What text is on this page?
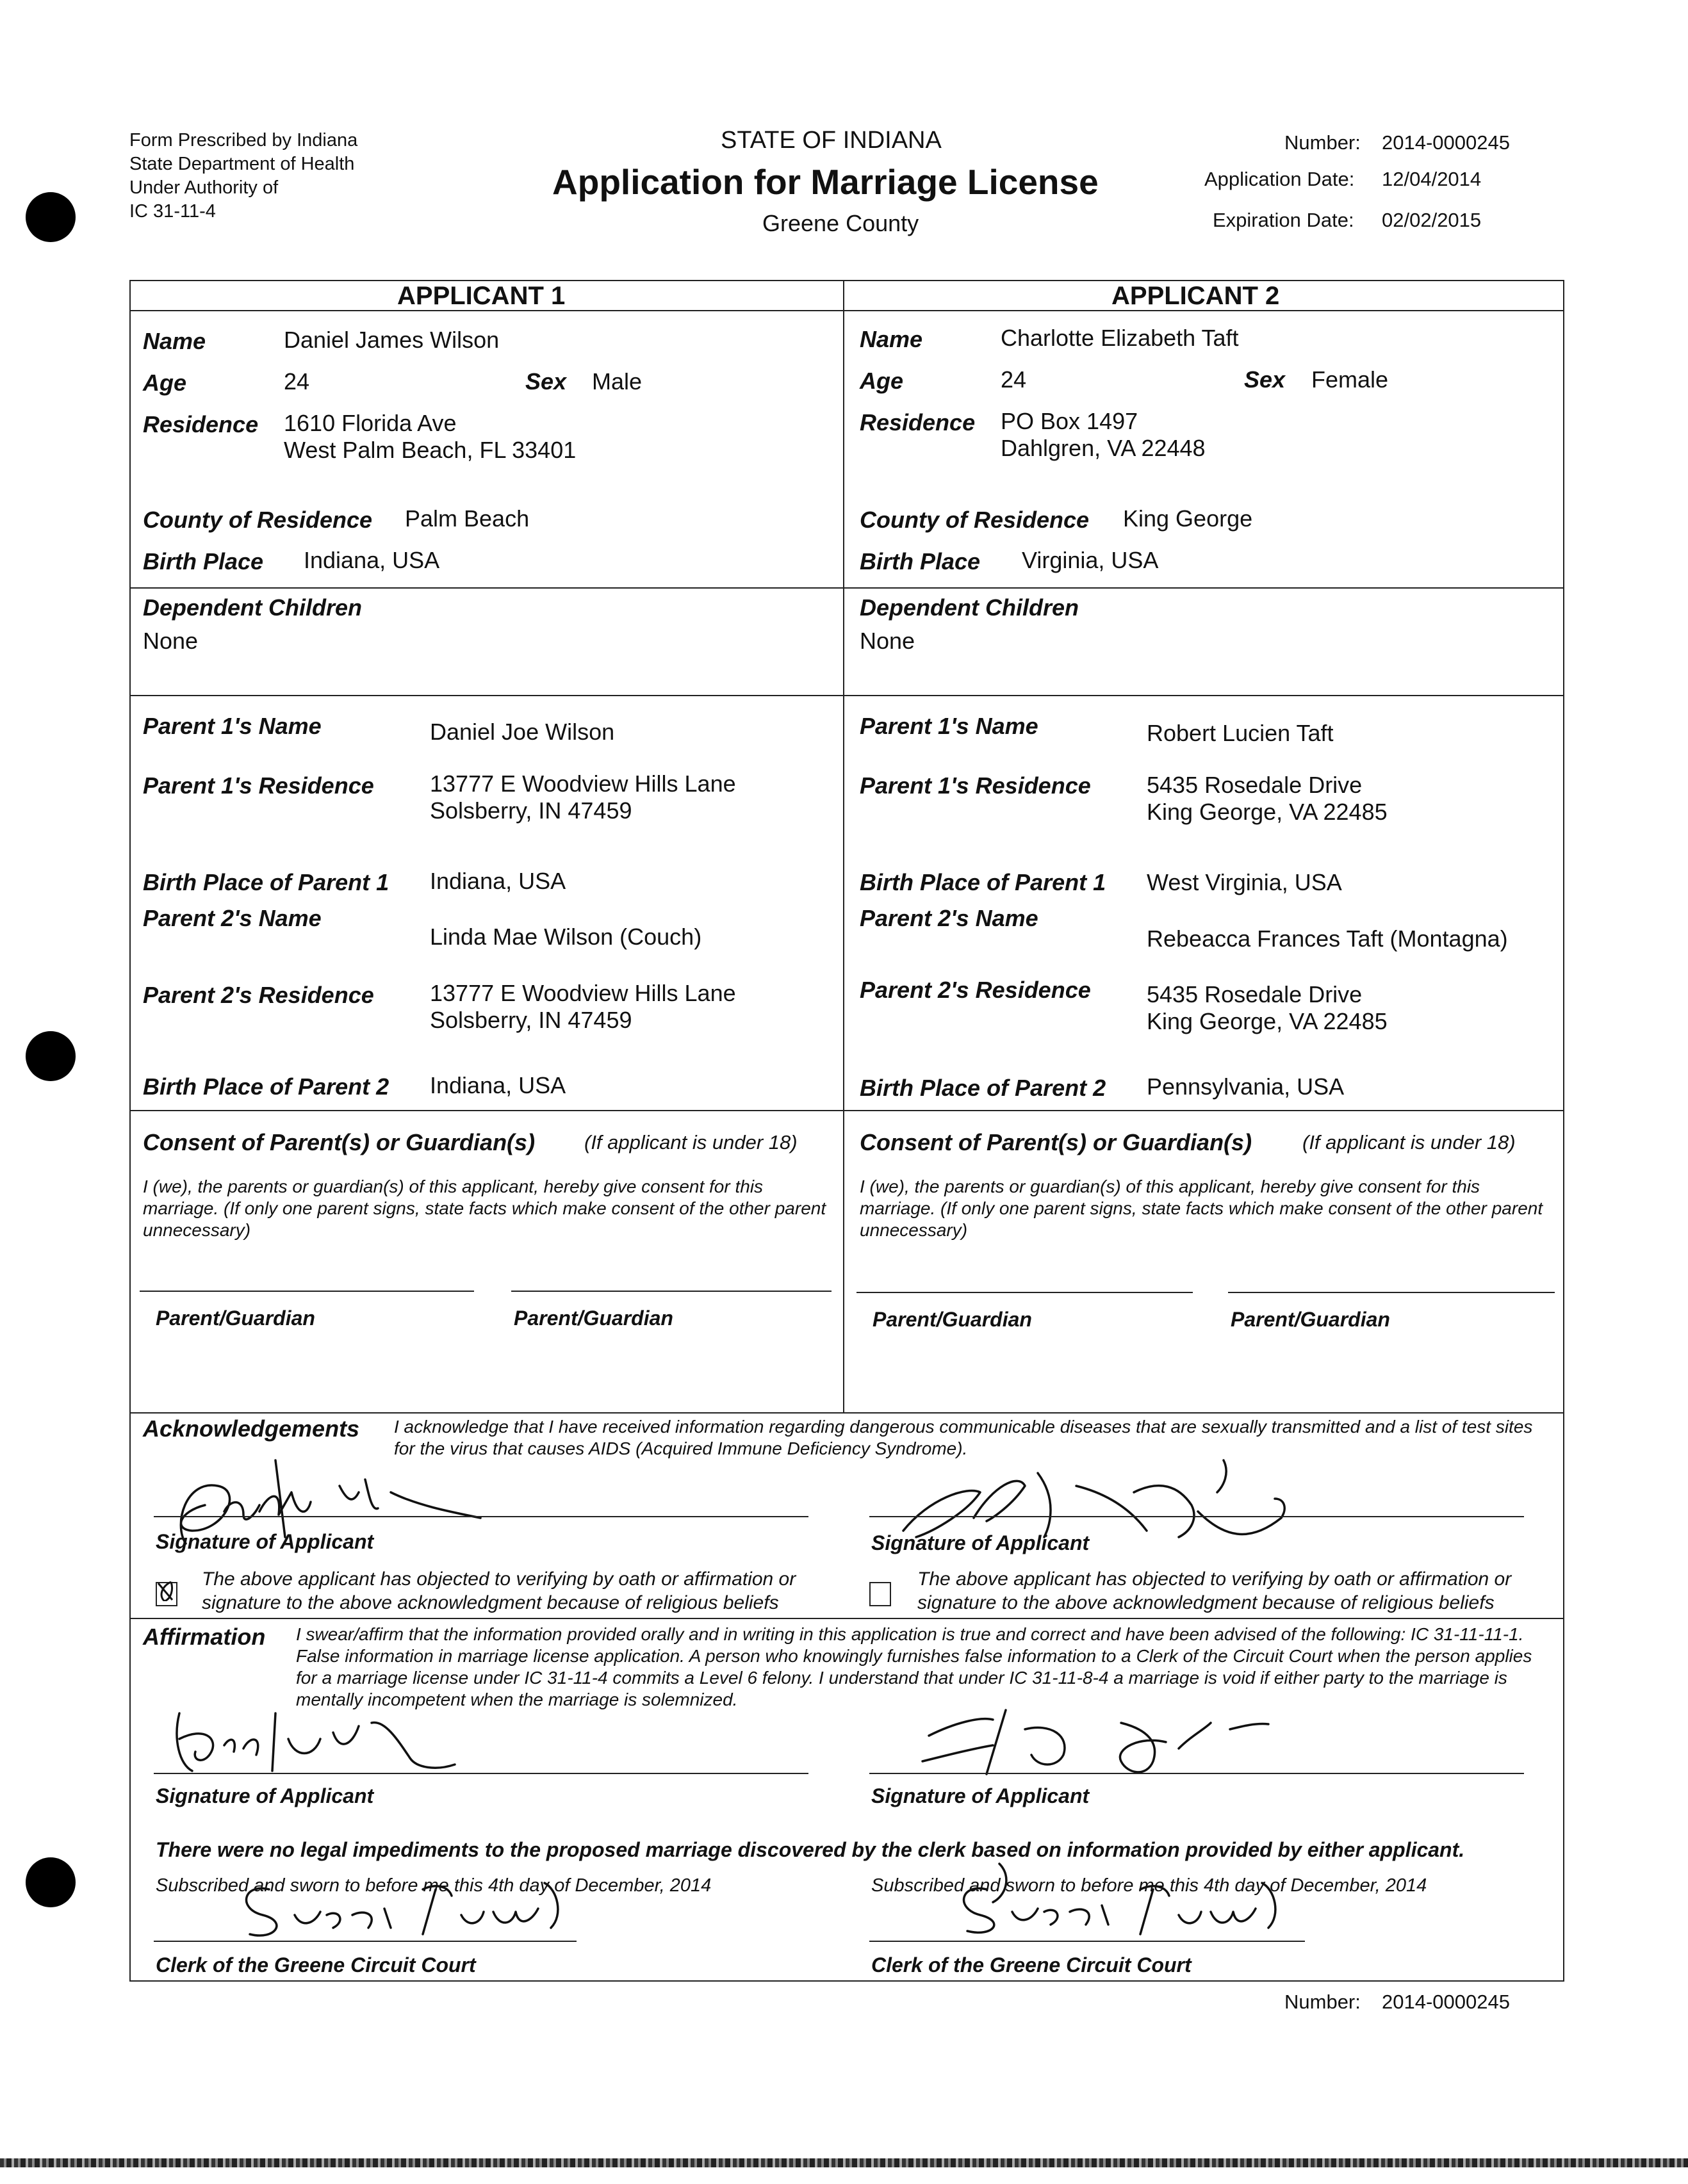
Form Prescribed by Indiana
State Department of Health
Under Authority of
IC 31-11-4
STATE OF INDIANA
Application for Marriage License
Greene County
Number: 2014-0000245
Application Date: 12/04/2014
Expiration Date: 02/02/2015
APPLICANT 1
Name	Daniel James Wilson
Age	24	Sex Male
Residence 1610 Florida Ave
West Palm Beach, FL 33401
County of Residence Palm Beach
Birth Place Indiana, USA
Dependent Children
None
Parent 1's Name	Daniel Joe Wilson
Parent 1's Residence 13777 E Woodview Hills Lane
Solsberry, IN 47459
Birth Place of Parent 1 Indiana, USA
Parent 2's Name
Linda Mae Wilson (Couch)
Parent 2's Residence 13777 E Woodview Hills Lane
Solsberry, IN 47459
Birth Place of Parent 2 Indiana, USA
APPLICANT 2
Name	Charlotte Elizabeth Taft
Age	24	Sex Female
Residence PO Box 1497
Dahlgren, VA 22448
County of Residence King George
Birth Place Virginia, USA
Dependent Children
None
Parent 1's Name	Robert Lucien Taft
Parent 1's Residence 5435 Rosedale Drive
King George, VA 22485
Birth Place of Parent 1 West Virginia, USA
Parent 2's Name
Rebeacca Frances Taft (Montagna)
Parent 2's Residence 5435 Rosedale Drive
King George, VA 22485
Birth Place of Parent 2 Pennsylvania, USA
Consent of Parent(s) or Guardian(s) (If applicant is under 18)
I (we), the parents or guardian(s) of this applicant, hereby give consent for this marriage. (If only one parent signs, state facts which make consent of the other parent unnecessary)
Parent/Guardian	Parent/Guardian
Consent of Parent(s) or Guardian(s)	(If applicant is under 18)
I (we), the parents or guardian(s) of this applicant, hereby give consent for this marriage. (If only one parent signs, state facts which make consent of the other parent unnecessary)
Parent/Guardian	Parent/Guardian
Acknowledgements I acknowledge that I have received information regarding dangerous communicable diseases that are sexually transmitted and a list of test sites for the virus that causes AIDS (Acquired Immune Deficiency Syndrome).
Signature of Applicant
The above applicant has objected to verifying by oath or affirmation or signature to the above acknowledgment because of religious beliefs
Signature of Applicant
The above applicant has objected to verifying by oath or affirmation or signature to the above acknowledgment because of religious beliefs
Affirmation I swear/affirm that the information provided orally and in writing in this application is true and correct and have been advised of the following: IC 31-11-11-1. False information in marriage license application. A person who knowingly furnishes false information to a Clerk of the Circuit Court when the person applies for a marriage license under IC 31-11-4 commits a Level 6 felony. I understand that under IC 31-11-8-4 a marriage is void if either party to the marriage is mentally incompetent when the marriage is solemnized.
Signature of Applicant	Signature of Applicant
There were no legal impediments to the proposed marriage discovered by the clerk based on information provided by either applicant.
Subscribed and sworn to before me this 4th day of December, 2014
Clerk of the Greene Circuit Court
Subscribed and sworn to before me this 4th day of December, 2014
Clerk of the Greene Circuit Court
Number: 2014-0000245
